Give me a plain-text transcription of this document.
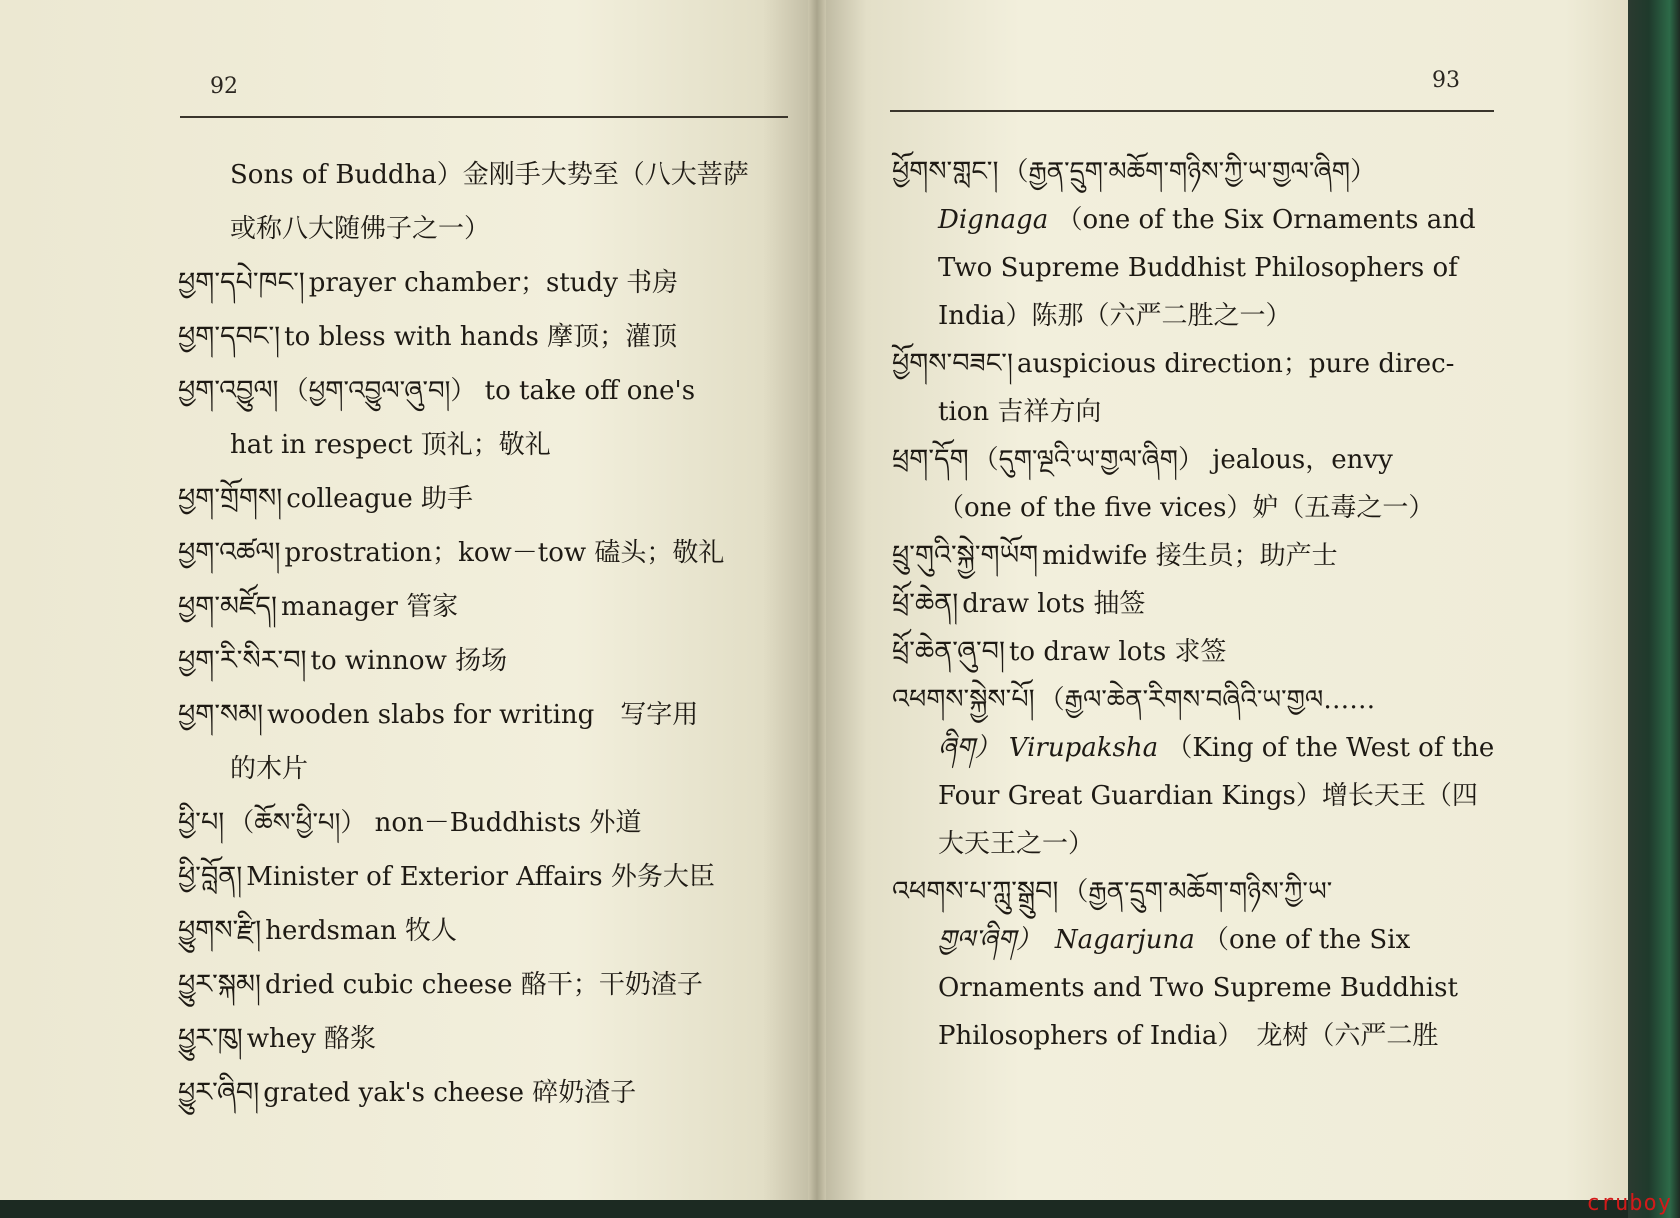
92	93
Sons of Buddha）金刚手大势至（八大菩萨
或称八大随佛子之一）
ཕྱག་དཔེ་ཁང་། prayer chamber；study 书房
ཕྱག་དབང་། to bless with hands 摩顶；灌顶
ཕྱག་འབྱུལ། （ཕྱག་འབྱུལ་ཞུ་བ།） to take off one's
hat in respect 顶礼；敬礼
ཕྱག་གྲོགས། colleague 助手
ཕྱག་འཚལ། prostration；kow－tow 磕头；敬礼
ཕྱག་མཛོད། manager 管家
ཕྱག་རི་སིར་བ། to winnow 扬场
ཕྱག་སམ། wooden slabs for writing　写字用
的木片
ཕྱི་པ། （ཆོས་ཕྱི་པ།） non－Buddhists 外道
ཕྱི་བློན། Minister of Exterior Affairs 外务大臣
ཕྱུགས་རྫི། herdsman 牧人
ཕྱུར་སྐམ། dried cubic cheese 酪干；干奶渣子
ཕྱུར་ཁུ། whey 酪浆
ཕྱུར་ཞིབ། grated yak's cheese 碎奶渣子
ཕྱོགས་གླང་། （རྒྱན་དྲུག་མཆོག་གཉིས་ཀྱི་ཡ་གྱལ་ཞིག）
Dignaga （one of the Six Ornaments and
Two Supreme Buddhist Philosophers of
India）陈那（六严二胜之一）
ཕྱོགས་བཟང་། auspicious direction；pure direc-
tion 吉祥方向
ཕྲག་དོག （དུག་ལྔའི་ཡ་གྱལ་ཞིག） jealous，envy
（one of the five vices）妒（五毒之一）
ཕྲུ་གུའི་སྐྱེ་གཡོག midwife 接生员；助产士
ཕྲོ་ཆེན། draw lots 抽签
ཕྲོ་ཆེན་ཞུ་བ། to draw lots 求签
འཕགས་སྐྱེས་པོ། （རྒྱལ་ཆེན་རིགས་བཞིའི་ཡ་གྱལ……
ཞིག） Virupaksha （King of the West of the
Four Great Guardian Kings）增长天王（四
大天王之一）
འཕགས་པ་ཀླུ་སྒྲུབ། （རྒྱན་དྲུག་མཆོག་གཉིས་ཀྱི་ཡ་
གྱལ་ཞིག）　Nagarjuna （one of the Six
Ornaments and Two Supreme Buddhist
Philosophers of India）　龙树（六严二胜
cruboy
